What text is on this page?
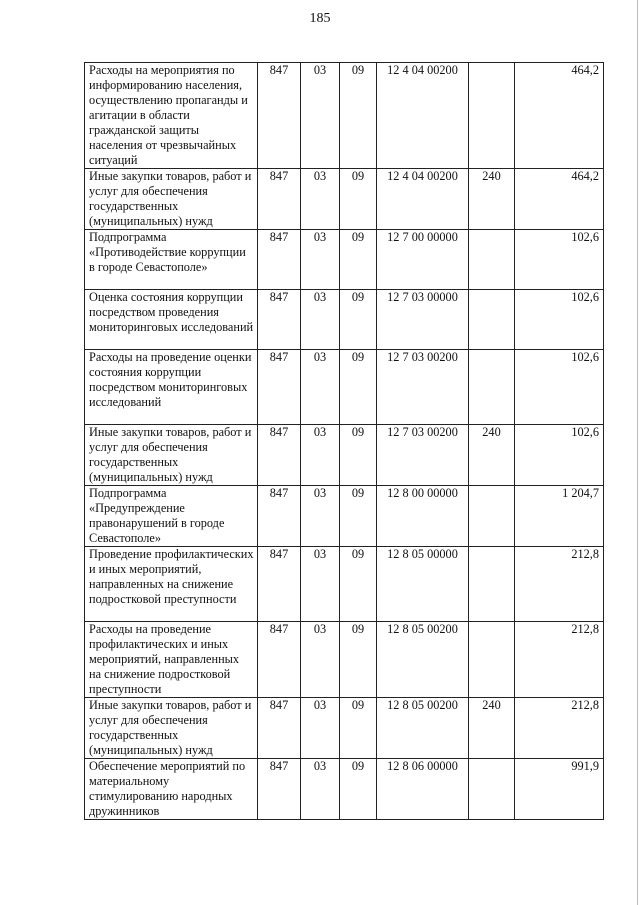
185
Расходы на мероприятия по информированию населения, осуществлению пропаганды и агитации в области гражданской защиты населения от чрезвычайных ситуаций	847	03	09	12 4 04 00200		464,2
Иные закупки товаров, работ и услуг для обеспечения государственных (муниципальных) нужд	847	03	09	12 4 04 00200	240	464,2
Подпрограмма «Противодействие коррупции в городе Севастополе»	847	03	09	12 7 00 00000		102,6
Оценка состояния коррупции посредством проведения мониторинговых исследований	847	03	09	12 7 03 00000		102,6
Расходы на проведение оценки состояния коррупции посредством мониторинговых исследований	847	03	09	12 7 03 00200		102,6
Иные закупки товаров, работ и услуг для обеспечения государственных (муниципальных) нужд	847	03	09	12 7 03 00200	240	102,6
Подпрограмма «Предупреждение правонарушений в городе Севастополе»	847	03	09	12 8 00 00000		1 204,7
Проведение профилактических и иных мероприятий, направленных на снижение подростковой преступности	847	03	09	12 8 05 00000		212,8
Расходы на проведение профилактических и иных мероприятий, направленных на снижение подростковой преступности	847	03	09	12 8 05 00200		212,8
Иные закупки товаров, работ и услуг для обеспечения государственных (муниципальных) нужд	847	03	09	12 8 05 00200	240	212,8
Обеспечение мероприятий по материальному стимулированию народных дружинников	847	03	09	12 8 06 00000		991,9
